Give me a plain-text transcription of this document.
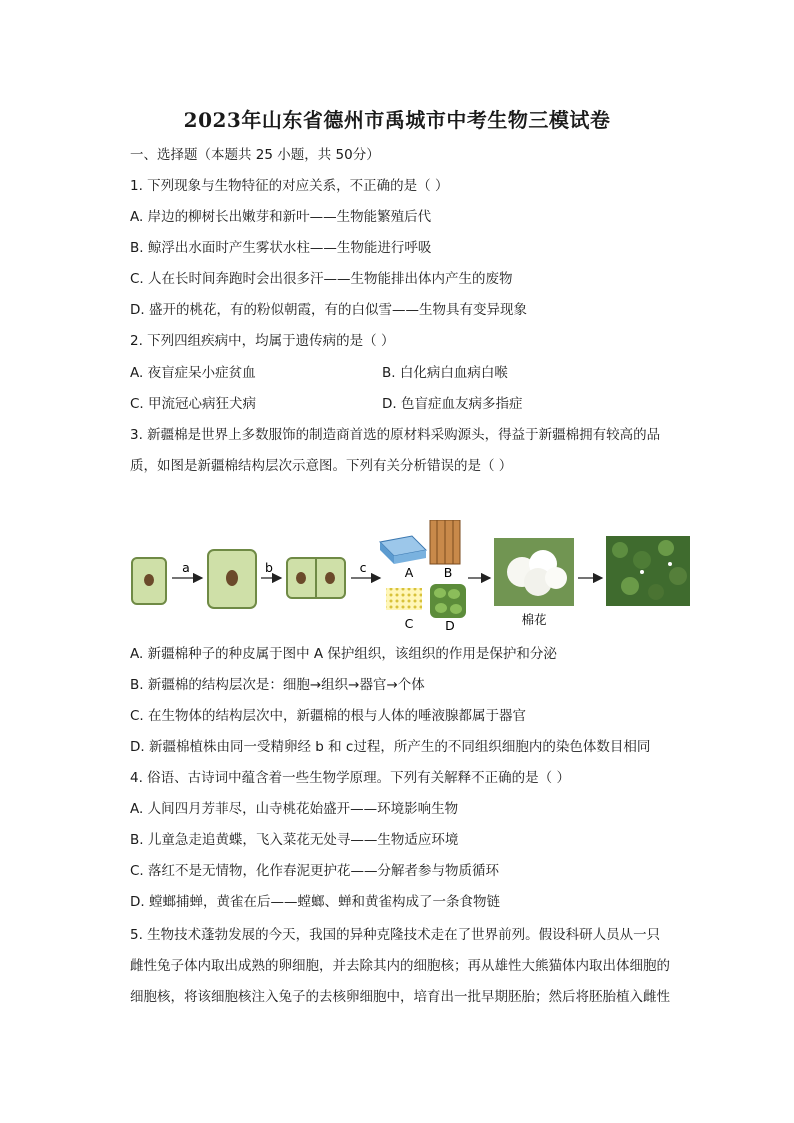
2023年山东省德州市禹城市中考生物三模试卷
一、选择题（本题共 25 小题，共 50分）
1. 下列现象与生物特征的对应关系，不正确的是（ ）
A. 岸边的柳树长出嫩芽和新叶——生物能繁殖后代
B. 鲸浮出水面时产生雾状水柱——生物能进行呼吸
C. 人在长时间奔跑时会出很多汗——生物能排出体内产生的废物
D. 盛开的桃花，有的粉似朝霞，有的白似雪——生物具有变异现象
2. 下列四组疾病中，均属于遗传病的是（ ）
A. 夜盲症呆小症贫血	B. 白化病白血病白喉
C. 甲流冠心病狂犬病	D. 色盲症血友病多指症
3. 新疆棉是世界上多数服饰的制造商首选的原材料采购源头，得益于新疆棉拥有较高的品
质，如图是新疆棉结构层次示意图。下列有关分析错误的是（ ）
a	b	c	A B
C	D	棉花
A. 新疆棉种子的种皮属于图中 A 保护组织，该组织的作用是保护和分泌
B. 新疆棉的结构层次是：细胞→组织→器官→个体
C. 在生物体的结构层次中，新疆棉的根与人体的唾液腺都属于器官
D. 新疆棉植株由同一受精卵经 b 和 c过程，所产生的不同组织细胞内的染色体数目相同
4. 俗语、古诗词中蕴含着一些生物学原理。下列有关解释不正确的是（ ）
A. 人间四月芳菲尽，山寺桃花始盛开——环境影响生物
B. 儿童急走追黄蝶，飞入菜花无处寻——生物适应环境
C. 落红不是无情物，化作春泥更护花——分解者参与物质循环
D. 螳螂捕蝉，黄雀在后——螳螂、蝉和黄雀构成了一条食物链
5. 生物技术蓬勃发展的今天，我国的异种克隆技术走在了世界前列。假设科研人员从一只
雌性兔子体内取出成熟的卵细胞，并去除其内的细胞核；再从雄性大熊猫体内取出体细胞的
细胞核，将该细胞核注入兔子的去核卵细胞中，培育出一批早期胚胎；然后将胚胎植入雌性
